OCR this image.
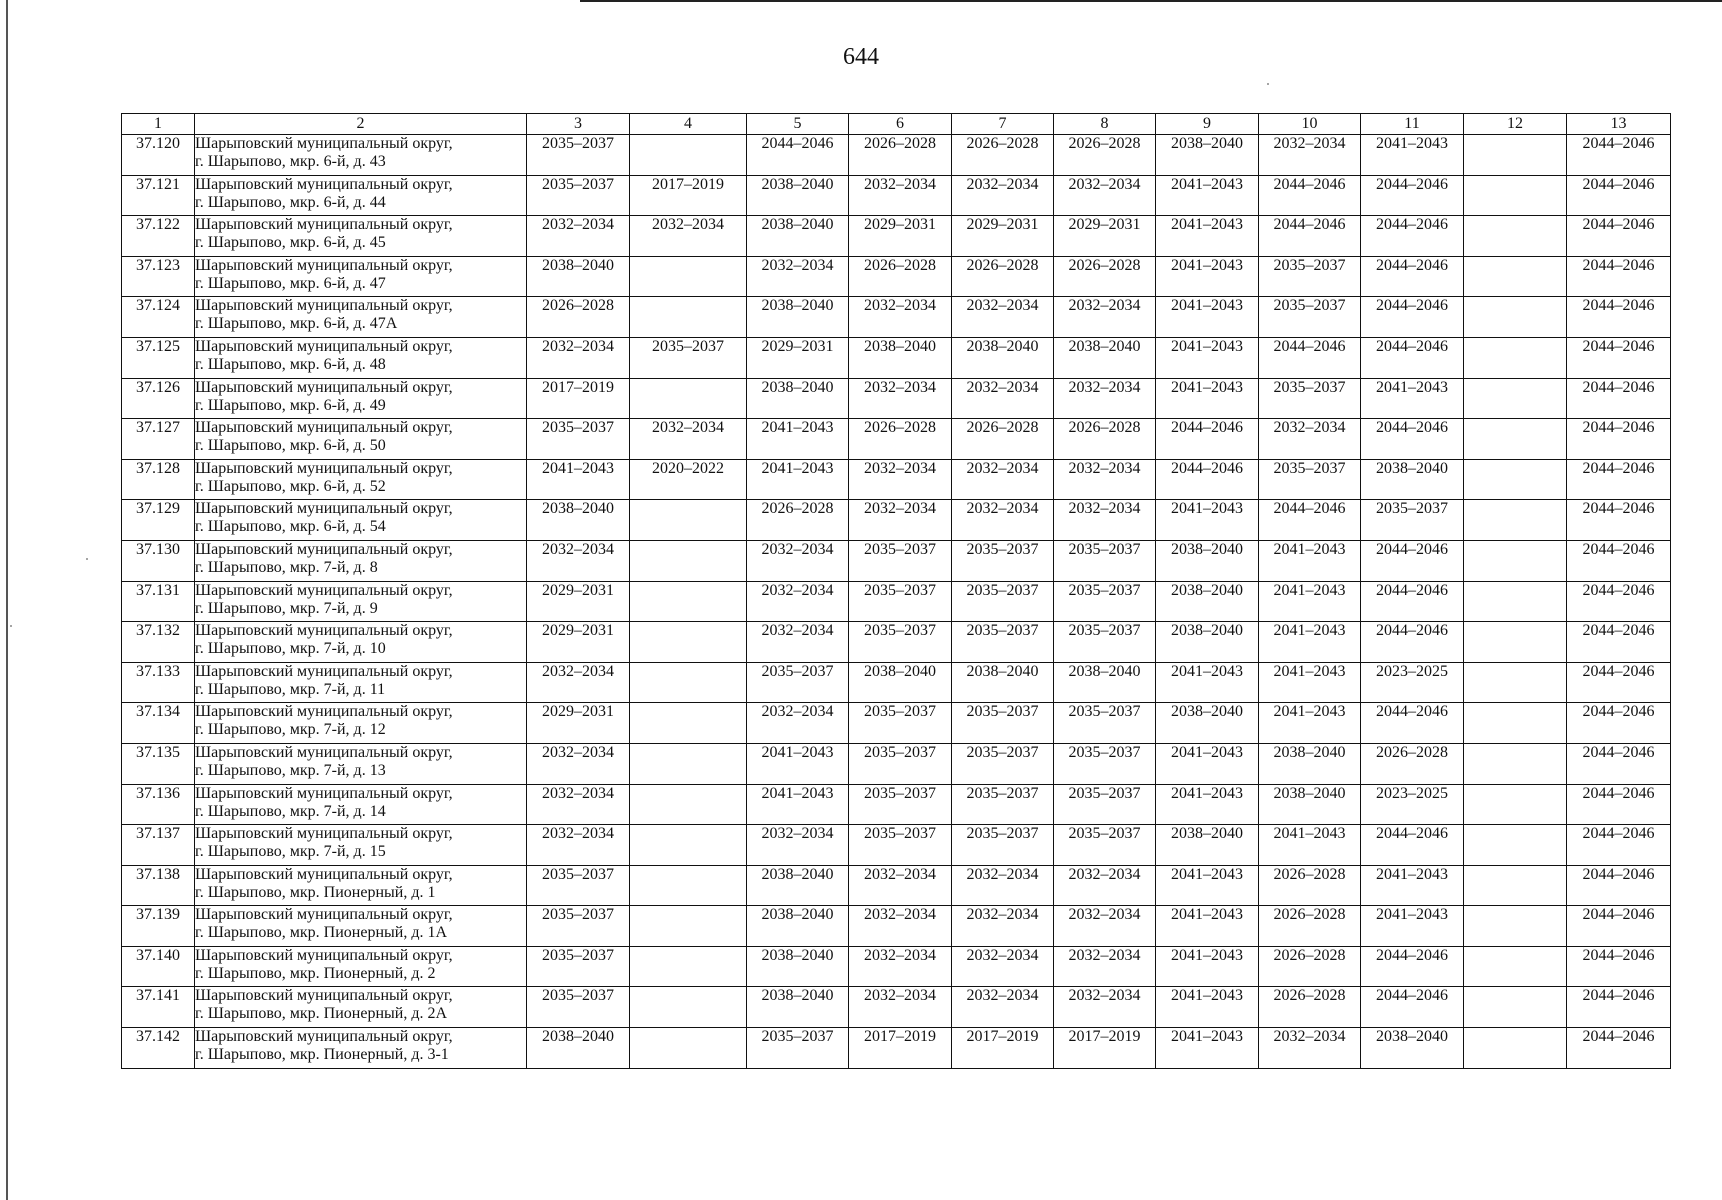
644
1	2	3	4	5	6	7	8	9	10	11	12	13
37.120	Шарыповский муниципальный округ,
г. Шарыпово, мкр. 6-й, д. 43	2035–2037		2044–2046	2026–2028	2026–2028	2026–2028	2038–2040	2032–2034	2041–2043		2044–2046
37.121	Шарыповский муниципальный округ,
г. Шарыпово, мкр. 6-й, д. 44	2035–2037	2017–2019	2038–2040	2032–2034	2032–2034	2032–2034	2041–2043	2044–2046	2044–2046		2044–2046
37.122	Шарыповский муниципальный округ,
г. Шарыпово, мкр. 6-й, д. 45	2032–2034	2032–2034	2038–2040	2029–2031	2029–2031	2029–2031	2041–2043	2044–2046	2044–2046		2044–2046
37.123	Шарыповский муниципальный округ,
г. Шарыпово, мкр. 6-й, д. 47	2038–2040		2032–2034	2026–2028	2026–2028	2026–2028	2041–2043	2035–2037	2044–2046		2044–2046
37.124	Шарыповский муниципальный округ,
г. Шарыпово, мкр. 6-й, д. 47А	2026–2028		2038–2040	2032–2034	2032–2034	2032–2034	2041–2043	2035–2037	2044–2046		2044–2046
37.125	Шарыповский муниципальный округ,
г. Шарыпово, мкр. 6-й, д. 48	2032–2034	2035–2037	2029–2031	2038–2040	2038–2040	2038–2040	2041–2043	2044–2046	2044–2046		2044–2046
37.126	Шарыповский муниципальный округ,
г. Шарыпово, мкр. 6-й, д. 49	2017–2019		2038–2040	2032–2034	2032–2034	2032–2034	2041–2043	2035–2037	2041–2043		2044–2046
37.127	Шарыповский муниципальный округ,
г. Шарыпово, мкр. 6-й, д. 50	2035–2037	2032–2034	2041–2043	2026–2028	2026–2028	2026–2028	2044–2046	2032–2034	2044–2046		2044–2046
37.128	Шарыповский муниципальный округ,
г. Шарыпово, мкр. 6-й, д. 52	2041–2043	2020–2022	2041–2043	2032–2034	2032–2034	2032–2034	2044–2046	2035–2037	2038–2040		2044–2046
37.129	Шарыповский муниципальный округ,
г. Шарыпово, мкр. 6-й, д. 54	2038–2040		2026–2028	2032–2034	2032–2034	2032–2034	2041–2043	2044–2046	2035–2037		2044–2046
37.130	Шарыповский муниципальный округ,
г. Шарыпово, мкр. 7-й, д. 8	2032–2034		2032–2034	2035–2037	2035–2037	2035–2037	2038–2040	2041–2043	2044–2046		2044–2046
37.131	Шарыповский муниципальный округ,
г. Шарыпово, мкр. 7-й, д. 9	2029–2031		2032–2034	2035–2037	2035–2037	2035–2037	2038–2040	2041–2043	2044–2046		2044–2046
37.132	Шарыповский муниципальный округ,
г. Шарыпово, мкр. 7-й, д. 10	2029–2031		2032–2034	2035–2037	2035–2037	2035–2037	2038–2040	2041–2043	2044–2046		2044–2046
37.133	Шарыповский муниципальный округ,
г. Шарыпово, мкр. 7-й, д. 11	2032–2034		2035–2037	2038–2040	2038–2040	2038–2040	2041–2043	2041–2043	2023–2025		2044–2046
37.134	Шарыповский муниципальный округ,
г. Шарыпово, мкр. 7-й, д. 12	2029–2031		2032–2034	2035–2037	2035–2037	2035–2037	2038–2040	2041–2043	2044–2046		2044–2046
37.135	Шарыповский муниципальный округ,
г. Шарыпово, мкр. 7-й, д. 13	2032–2034		2041–2043	2035–2037	2035–2037	2035–2037	2041–2043	2038–2040	2026–2028		2044–2046
37.136	Шарыповский муниципальный округ,
г. Шарыпово, мкр. 7-й, д. 14	2032–2034		2041–2043	2035–2037	2035–2037	2035–2037	2041–2043	2038–2040	2023–2025		2044–2046
37.137	Шарыповский муниципальный округ,
г. Шарыпово, мкр. 7-й, д. 15	2032–2034		2032–2034	2035–2037	2035–2037	2035–2037	2038–2040	2041–2043	2044–2046		2044–2046
37.138	Шарыповский муниципальный округ,
г. Шарыпово, мкр. Пионерный, д. 1	2035–2037		2038–2040	2032–2034	2032–2034	2032–2034	2041–2043	2026–2028	2041–2043		2044–2046
37.139	Шарыповский муниципальный округ,
г. Шарыпово, мкр. Пионерный, д. 1А	2035–2037		2038–2040	2032–2034	2032–2034	2032–2034	2041–2043	2026–2028	2041–2043		2044–2046
37.140	Шарыповский муниципальный округ,
г. Шарыпово, мкр. Пионерный, д. 2	2035–2037		2038–2040	2032–2034	2032–2034	2032–2034	2041–2043	2026–2028	2044–2046		2044–2046
37.141	Шарыповский муниципальный округ,
г. Шарыпово, мкр. Пионерный, д. 2А	2035–2037		2038–2040	2032–2034	2032–2034	2032–2034	2041–2043	2026–2028	2044–2046		2044–2046
37.142	Шарыповский муниципальный округ,
г. Шарыпово, мкр. Пионерный, д. 3-1	2038–2040		2035–2037	2017–2019	2017–2019	2017–2019	2041–2043	2032–2034	2038–2040		2044–2046
